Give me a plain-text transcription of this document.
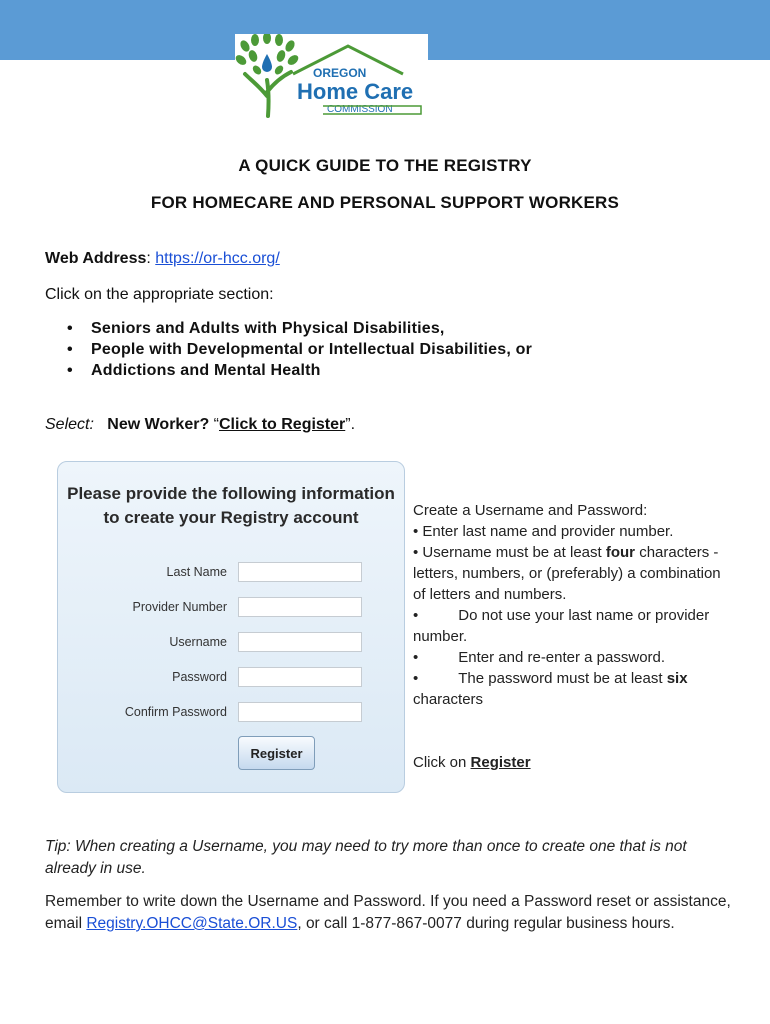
OREGON
Home Care
COMMISSION
A QUICK GUIDE TO THE REGISTRY
FOR HOMECARE AND PERSONAL SUPPORT WORKERS
Web Address: https://or-hcc.org/
Click on the appropriate section:
• Seniors and Adults with Physical Disabilities,
• People with Developmental or Intellectual Disabilities, or
• Addictions and Mental Health
Select: New Worker? “Click to Register”.
Please provide the following information to create your Registry account
Last Name
Provider Number
Username
Password
Confirm Password
Register

Create a Username and Password:

• Enter last name and provider number.

• Username must be at least four characters - letters, numbers, or (preferably) a combination of letters and numbers.

•	Do not use your last name or provider number.

•	Enter and re-enter a password.

•	The password must be at least six characters

Click on Register

Tip: When creating a Username, you may need to try more than once to create one that is not already in use.
Remember to write down the Username and Password. If you need a Password reset or assistance, email Registry.OHCC@State.OR.US, or call 1-877-867-0077 during regular business hours.
